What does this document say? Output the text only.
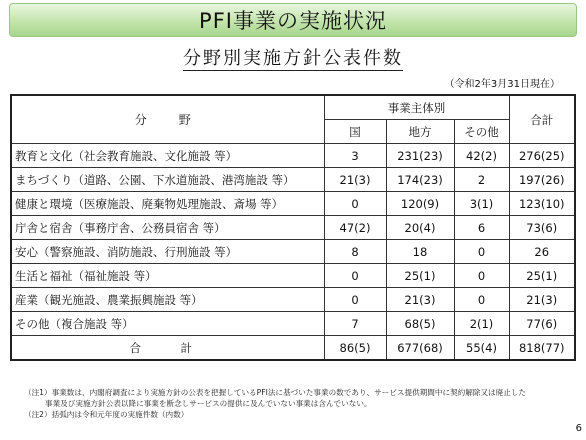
PFI事業の実施状況
分野別実施方針公表件数
（令和2年3月31日現在）
分　野	事業主体別			合計
	国	地方	その他	
教育と文化（社会教育施設、文化施設 等）	3	231(23)	42(2)	276(25)
まちづくり（道路、公園、下水道施設、港湾施設 等）	21(3)	174(23)	2	197(26)
健康と環境（医療施設、廃棄物処理施設、斎場 等）	0	120(9)	3(1)	123(10)
庁舎と宿舎（事務庁舎、公務員宿舎 等）	47(2)	20(4)	6	73(6)
安心（警察施設、消防施設、行刑施設 等）	8	18	0	26
生活と福祉（福祉施設 等）	0	25(1)	0	25(1)
産業（観光施設、農業振興施設 等）	0	21(3)	0	21(3)
その他（複合施設 等）	7	68(5)	2(1)	77(6)
合　計	86(5)	677(68)	55(4)	818(77)
（注1）事業数は、内閣府調査により実施方針の公表を把握しているPFI法に基づいた事業の数であり、サービス提供期間中に契約解除又は廃止した
事業及び実施方針公表以降に事業を断念しサービスの提供に及んでいない事業は含んでいない。
（注2）括弧内は令和元年度の実施件数（内数）
6
